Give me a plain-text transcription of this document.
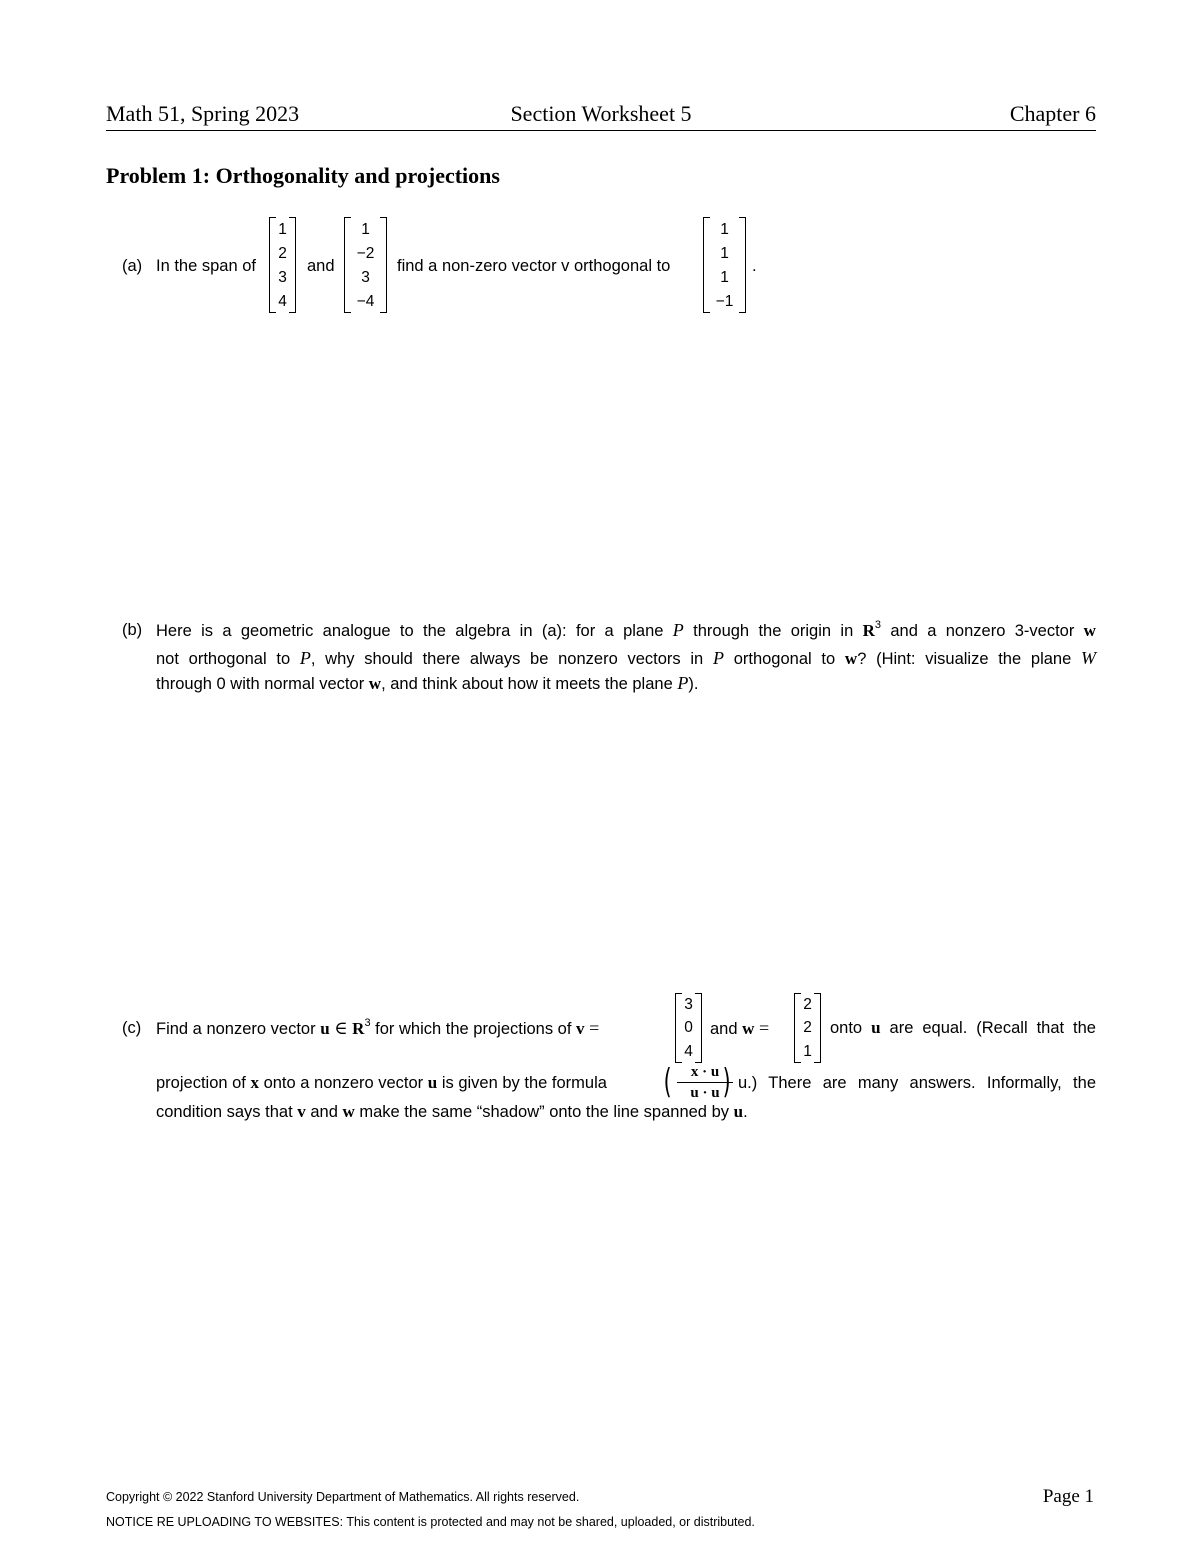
Math 51, Spring 2023	Section Worksheet 5	Chapter 6
Problem 1: Orthogonality and projections
(a) In the span of
1
2
3
4
and
1
−2
3
−4
find a non-zero vector v orthogonal to
1
1
1
−1
.
(b) Here is a geometric analogue to the algebra in (a): for a plane P through the origin in $R^3$ and a nonzero 3-vector w
not orthogonal to P, why should there always be nonzero vectors in P orthogonal to w? (Hint: visualize the plane W
through 0 with normal vector w, and think about how it meets the plane P).
(c) Find a nonzero vector u ∈ $R^3$ for which the projections of v =
3
0
4
and w =
2
2
1
onto u are equal. (Recall that the
projection of x onto a nonzero vector u is given by the formula (	x · u
u · u ) u.) There are many answers. Informally, the
condition says that v and w make the same “shadow” onto the line spanned by u.
Copyright © 2022 Stanford University Department of Mathematics. All rights reserved.	Page 1
NOTICE RE UPLOADING TO WEBSITES: This content is protected and may not be shared, uploaded, or distributed.
